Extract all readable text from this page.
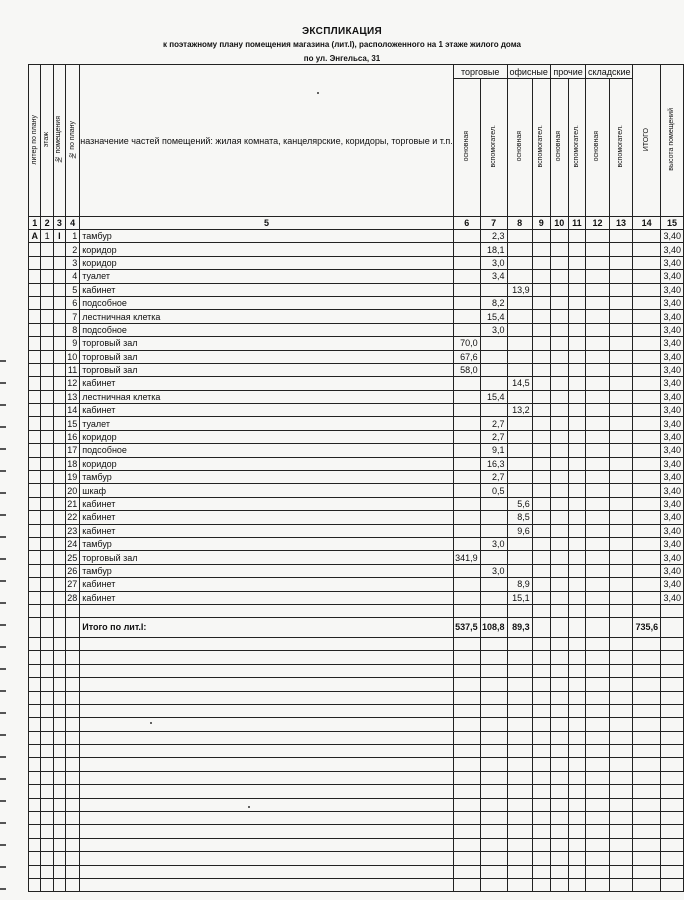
ЭКСПЛИКАЦИЯ
к поэтажному плану помещения магазина (лит.I), расположенного на 1 этаже жилого дома
по ул. Энгельса, 31
литер по плану	этаж	№ помещения	№ по плану	назначение частей помещений: жилая комната, канцелярские, коридоры, торговые и т.п.	торговые		офисные		прочие		складские		ИТОГО	высота помещений
					основная	вспомогател.	основная	вспомогател.	основная	вспомогател.	основная	вспомогател.		
1	2	3	4	5	6	7	8	9	10	11	12	13	14	15
А	1	I	1	тамбур		2,3								3,40
			2	коридор		18,1								3,40
			3	коридор		3,0								3,40
			4	туалет		3,4								3,40
			5	кабинет			13,9							3,40
			6	подсобное		8,2								3,40
			7	лестничная клетка		15,4								3,40
			8	подсобное		3,0								3,40
			9	торговый зал	70,0									3,40
			10	торговый зал	67,6									3,40
			11	торговый зал	58,0									3,40
			12	кабинет			14,5							3,40
			13	лестничная клетка		15,4								3,40
			14	кабинет			13,2							3,40
			15	туалет		2,7								3,40
			16	коридор		2,7								3,40
			17	подсобное		9,1								3,40
			18	коридор		16,3								3,40
			19	тамбур		2,7								3,40
			20	шкаф		0,5								3,40
			21	кабинет			5,6							3,40
			22	кабинет			8,5							3,40
			23	кабинет			9,6							3,40
			24	тамбур		3,0								3,40
			25	торговый зал	341,9									3,40
			26	тамбур		3,0								3,40
			27	кабинет			8,9							3,40
			28	кабинет			15,1							3,40

				Итого по лит.I:	537,5	108,8	89,3						735,6	
